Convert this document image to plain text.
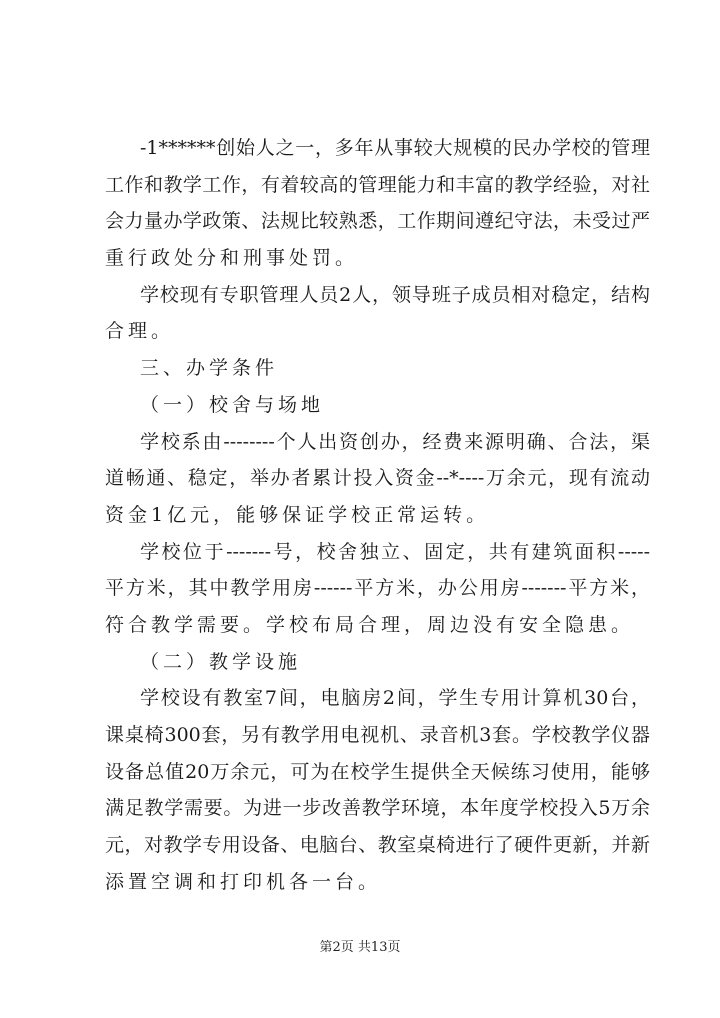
-1******创始人之一，多年从事较大规模的民办学校的管理
工作和教学工作，有着较高的管理能力和丰富的教学经验，对社
会力量办学政策、法规比较熟悉，工作期间遵纪守法，未受过严
重行政处分和刑事处罚。
学校现有专职管理人员2人，领导班子成员相对稳定，结构
合理。
三、办学条件
（一）校舍与场地
学校系由--------个人出资创办，经费来源明确、合法，渠
道畅通、稳定，举办者累计投入资金--*----万余元，现有流动
资金1亿元，能够保证学校正常运转。
学校位于-------号，校舍独立、固定，共有建筑面积-----
平方米，其中教学用房------平方米，办公用房-------平方米，
符合教学需要。学校布局合理，周边没有安全隐患。
（二）教学设施
学校设有教室7间，电脑房2间，学生专用计算机30台，
课桌椅300套，另有教学用电视机、录音机3套。学校教学仪器
设备总值20万余元，可为在校学生提供全天候练习使用，能够
满足教学需要。为进一步改善教学环境，本年度学校投入5万余
元，对教学专用设备、电脑台、教室桌椅进行了硬件更新，并新
添置空调和打印机各一台。
第2页 共13页
